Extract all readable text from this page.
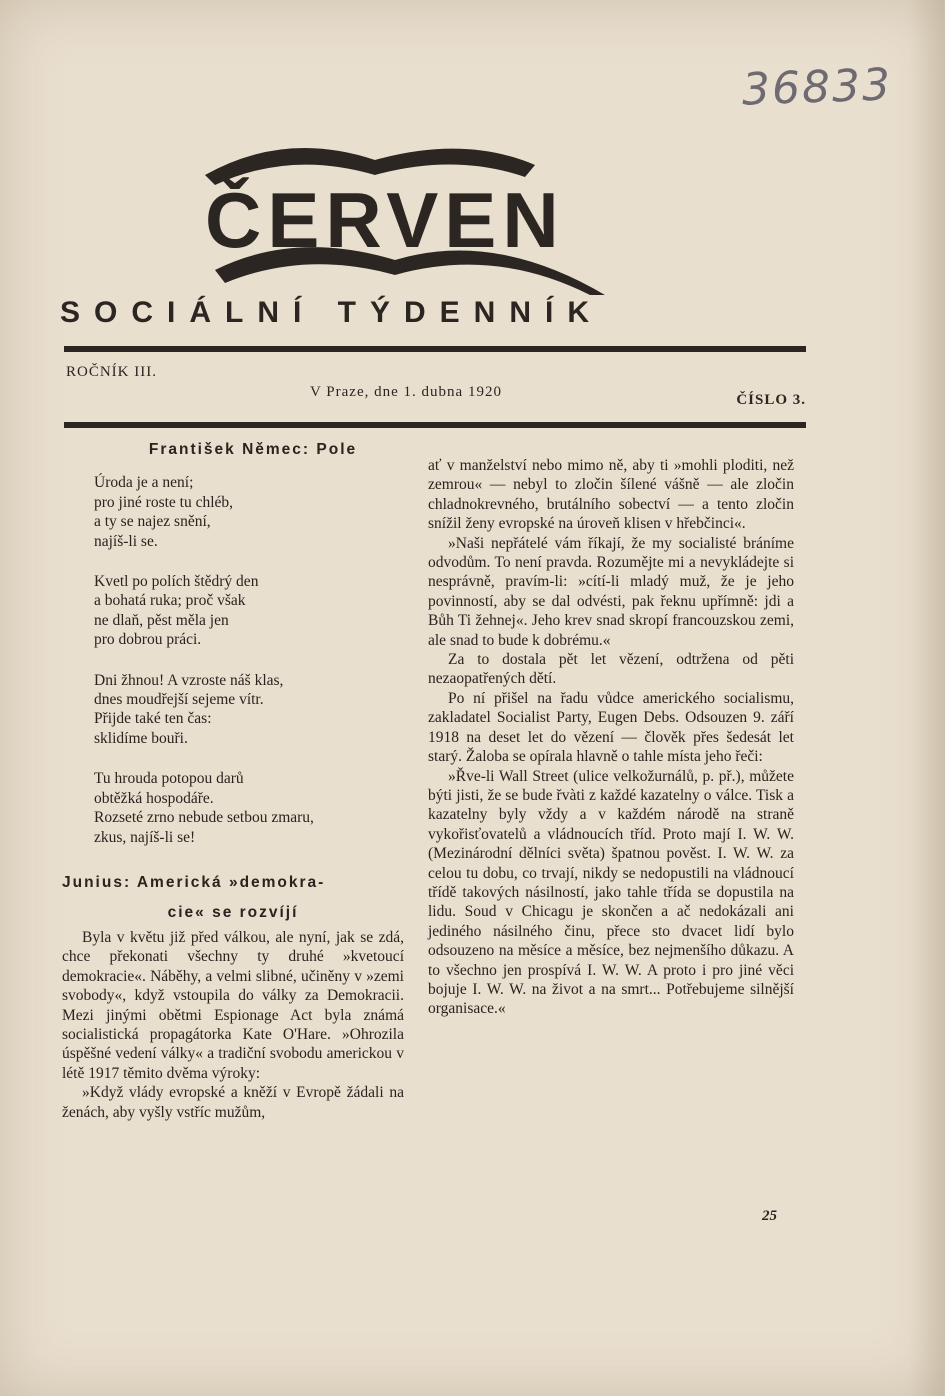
36833
ČERVEN
SOCIÁLNÍ TÝDENNÍK
ROČNÍK III.
V Praze, dne 1. dubna 1920	ČÍSLO 3.
František Němec: Pole
Úroda je a není;
pro jiné roste tu chléb,
a ty se najez snění,
najíš-li se.
Kvetl po polích štědrý den
a bohatá ruka; proč však
ne dlaň, pěst měla jen
pro dobrou práci.
Dni žhnou! A vzroste náš klas,
dnes moudřejší sejeme vítr.
Přijde také ten čas:
sklidíme bouři.
Tu hrouda potopou darů
obtěžká hospodáře.
Rozseté zrno nebude setbou zmaru,
zkus, najíš-li se!
Junius: Americká »demokra-
cie« se rozvíjí

Byla v květu již před válkou, ale nyní, jak se zdá, chce překonati všechny ty druhé »kvetoucí demokracie«. Náběhy, a velmi slibné, učiněny v »zemi svobody«, když vstoupila do války za Demokracii. Mezi jinými obětmi Espionage Act byla známá socialistická propagátorka Kate O'Hare. »Ohrozila úspěšné vedení války« a tradiční svobodu americkou v létě 1917 těmito dvěma výroky:

»Když vlády evropské a kněží v Evropě žádali na ženách, aby vyšly vstříc mužům,

ať v manželství nebo mimo ně, aby ti »mohli ploditi, než zemrou« — nebyl to zločin šílené vášně — ale zločin chladnokrevného, brutálního sobectví — a tento zločin snížil ženy evropské na úroveň klisen v hřebčinci«.

»Naši nepřátelé vám říkají, že my socialisté bráníme odvodům. To není pravda. Rozumějte mi a nevykládejte si nesprávně, pravím-li: »cítí-li mladý muž, že je jeho povinností, aby se dal odvésti, pak řeknu upřímně: jdi a Bůh Ti žehnej«. Jeho krev snad skropí francouzskou zemi, ale snad to bude k dobrému.«

Za to dostala pět let vězení, odtržena od pěti nezaopatřených dětí.

Po ní přišel na řadu vůdce amerického socialismu, zakladatel Socialist Party, Eugen Debs. Odsouzen 9. září 1918 na deset let do vězení — člověk přes šedesát let starý. Žaloba se opírala hlavně o tahle místa jeho řeči:

»Řve-li Wall Street (ulice velkožurnálů, p. př.), můžete býti jisti, že se bude řvàti z každé kazatelny o válce. Tisk a kazatelny byly vždy a v každém národě na straně vykořisťovatelů a vládnoucích tříd. Proto mají I. W. W. (Mezinárodní dělníci světa) špatnou pověst. I. W. W. za celou tu dobu, co trvají, nikdy se nedopustili na vládnoucí třídě takových násilností, jako tahle třída se dopustila na lidu. Soud v Chicagu je skončen a ač nedokázali ani jediného násilného činu, přece sto dvacet lidí bylo odsouzeno na měsíce a měsíce, bez nejmenšího důkazu. A to všechno jen prospívá I. W. W. A proto i pro jiné věci bojuje I. W. W. na život a na smrt... Potřebujeme silnější organisace.«

25
